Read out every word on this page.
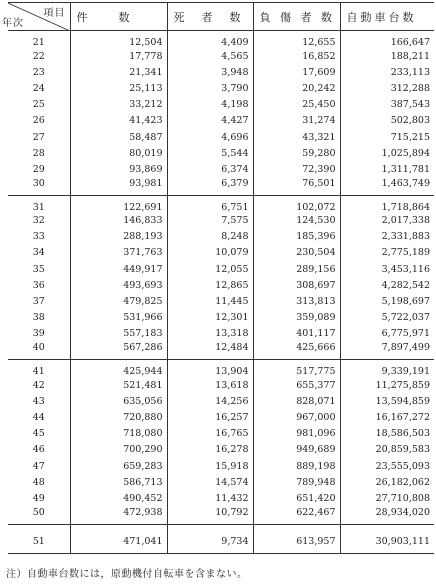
項目
年次	件　　数	死　者　数	負 傷 者 数	自動車台数
21	12,504	4,409	12,655	166,647
22	17,778	4,565	16,852	188,211
23	21,341	3,948	17,609	233,113
24	25,113	3,790	20,242	312,288
25	33,212	4,198	25,450	387,543
26	41,423	4,427	31,274	502,803
27	58,487	4,696	43,321	715,215
28	80,019	5,544	59,280	1,025,894
29	93,869	6,374	72,390	1,311,781
30	93,981	6,379	76,501	1,463,749
31	122,691	6,751	102,072	1,718,864
32	146,833	7,575	124,530	2,017,338
33	288,193	8,248	185,396	2,331,883
34	371,763	10,079	230,504	2,775,189
35	449,917	12,055	289,156	3,453,116
36	493,693	12,865	308,697	4,282,542
37	479,825	11,445	313,813	5,198,697
38	531,966	12,301	359,089	5,722,037
39	557,183	13,318	401,117	6,775,971
40	567,286	12,484	425,666	7,897,499
41	425,944	13,904	517,775	9,339,191
42	521,481	13,618	655,377	11,275,859
43	635,056	14,256	828,071	13,594,859
44	720,880	16,257	967,000	16,167,272
45	718,080	16,765	981,096	18,586,503
46	700,290	16,278	949,689	20,859,583
47	659,283	15,918	889,198	23,555,093
48	586,713	14,574	789,948	26,182,062
49	490,452	11,432	651,420	27,710,808
50	472,938	10,792	622,467	28,934,020
51	471,041	9,734	613,957	30,903,111
注）自動車台数には，原動機付自転車を含まない。
